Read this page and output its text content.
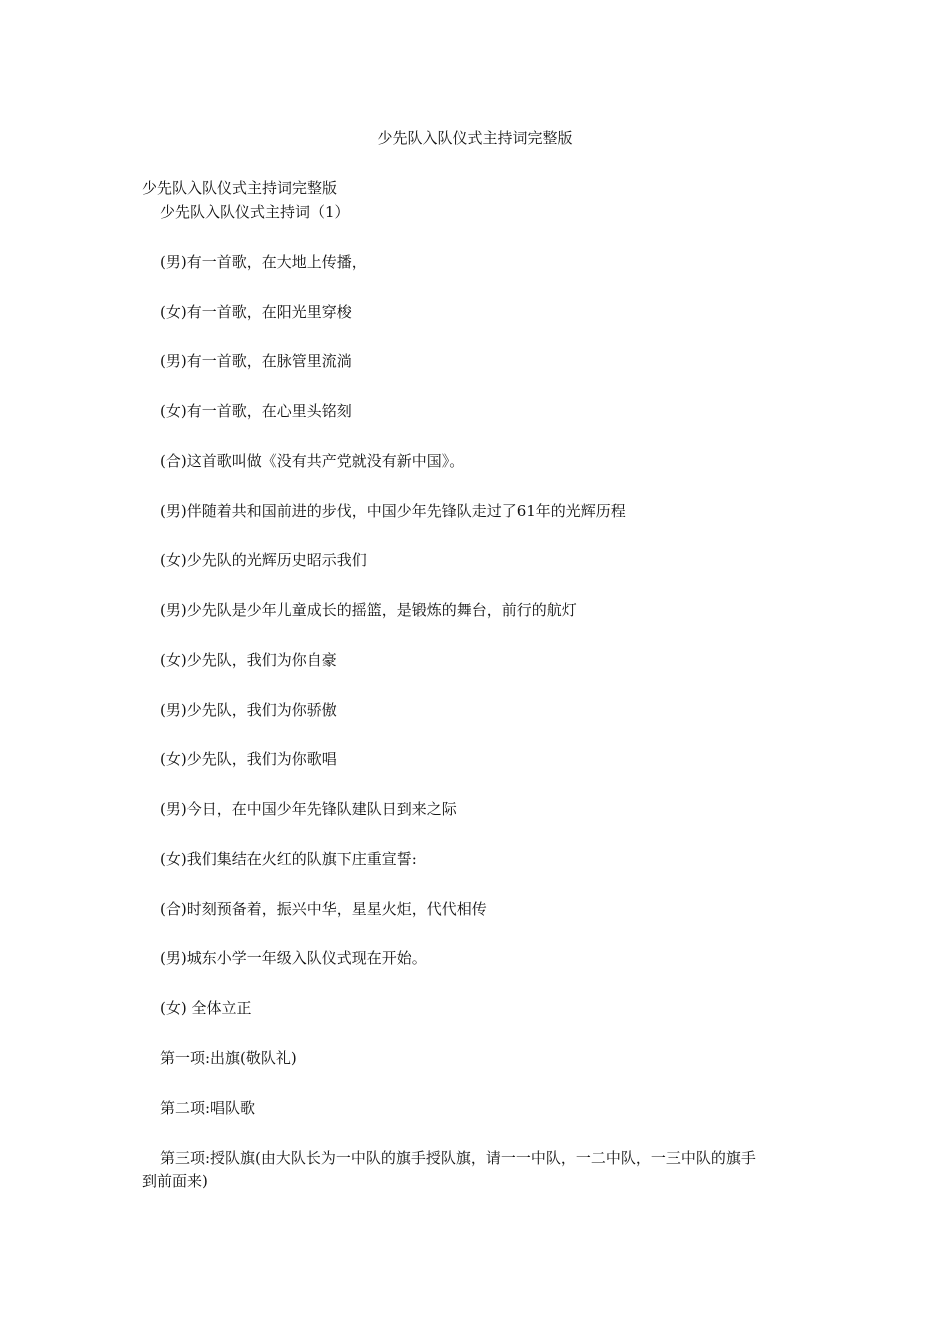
少先队入队仪式主持词完整版
少先队入队仪式主持词完整版
少先队入队仪式主持词（1）
(男)有一首歌，在大地上传播，
(女)有一首歌，在阳光里穿梭
(男)有一首歌，在脉管里流淌
(女)有一首歌，在心里头铭刻
(合)这首歌叫做《没有共产党就没有新中国》。
(男)伴随着共和国前进的步伐，中国少年先锋队走过了61年的光辉历程
(女)少先队的光辉历史昭示我们
(男)少先队是少年儿童成长的摇篮，是锻炼的舞台，前行的航灯
(女)少先队，我们为你自豪
(男)少先队，我们为你骄傲
(女)少先队，我们为你歌唱
(男)今日，在中国少年先锋队建队日到来之际
(女)我们集结在火红的队旗下庄重宣誓:
(合)时刻预备着，振兴中华，星星火炬，代代相传
(男)城东小学一年级入队仪式现在开始。
(女) 全体立正
第一项:出旗(敬队礼)
第二项:唱队歌
第三项:授队旗(由大队长为一中队的旗手授队旗，请一一中队，一二中队，一三中队的旗手
到前面来)
